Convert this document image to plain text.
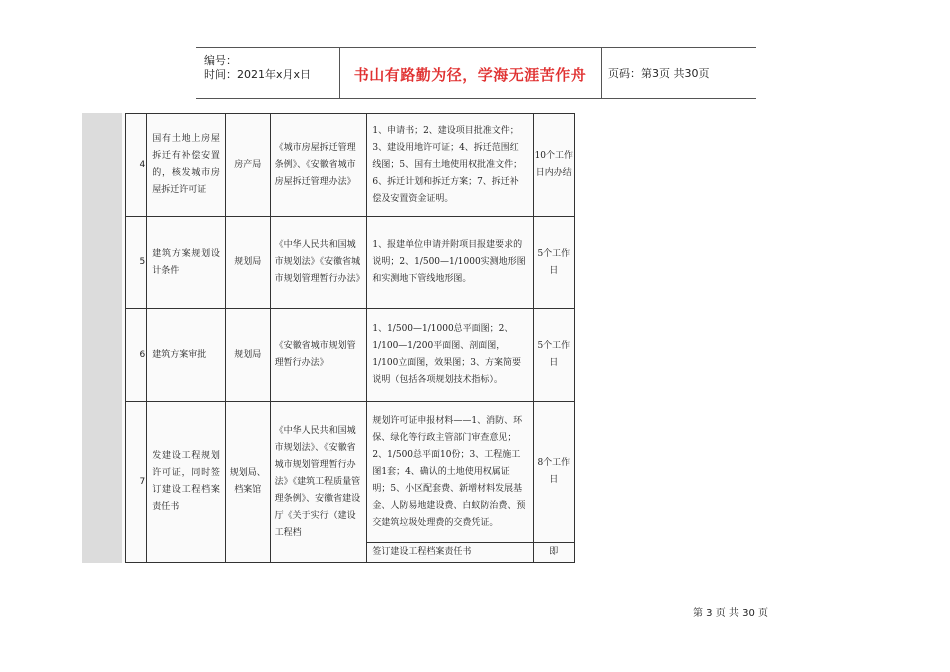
编号：
时间：2021年x月x日	书山有路勤为径，学海无涯苦作舟	页码：第3页 共30页
4	国有土地上房屋拆迁有补偿安置的，核发城市房屋拆迁许可证	房产局	《城市房屋拆迁管理条例》、《安徽省城市房屋拆迁管理办法》	1、申请书；2、建设项目批准文件；3、建设用地许可证；4、拆迁范围红线图；5、国有土地使用权批准文件；6、拆迁计划和拆迁方案；7、拆迁补偿及安置资金证明。	10个工作日内办结
5	建筑方案规划设计条件	规划局	《中华人民共和国城市规划法》《安徽省城市规划管理暂行办法》	1、报建单位申请并附项目报建要求的说明；2、1/500—1/1000实测地形图和实测地下管线地形图。	5个工作日
6	建筑方案审批	规划局	《安徽省城市规划管理暂行办法》	1、1/500—1/1000总平面图；2、1/100—1/200平面图、剖面图，1/100立面图，效果图；3、方案简要说明（包括各项规划技术指标）。	5个工作日
7	发建设工程规划许可证，同时签订建设工程档案责任书	规划局、档案馆	《中华人民共和国城市规划法》、《安徽省城市规划管理暂行办法》《建筑工程质量管理条例》、安徽省建设厅《关于实行（建设工程档	规划许可证申报材料——1、消防、环保、绿化等行政主管部门审查意见；2、1/500总平面10份；3、工程施工图1套；4、确认的土地使用权属证明；5、小区配套费、新增材料发展基金、人防易地建设费、白蚁防治费、预交建筑垃圾处理费的交费凭证。	8个工作日
				签订建设工程档案责任书	即
第 3 页 共 30 页
